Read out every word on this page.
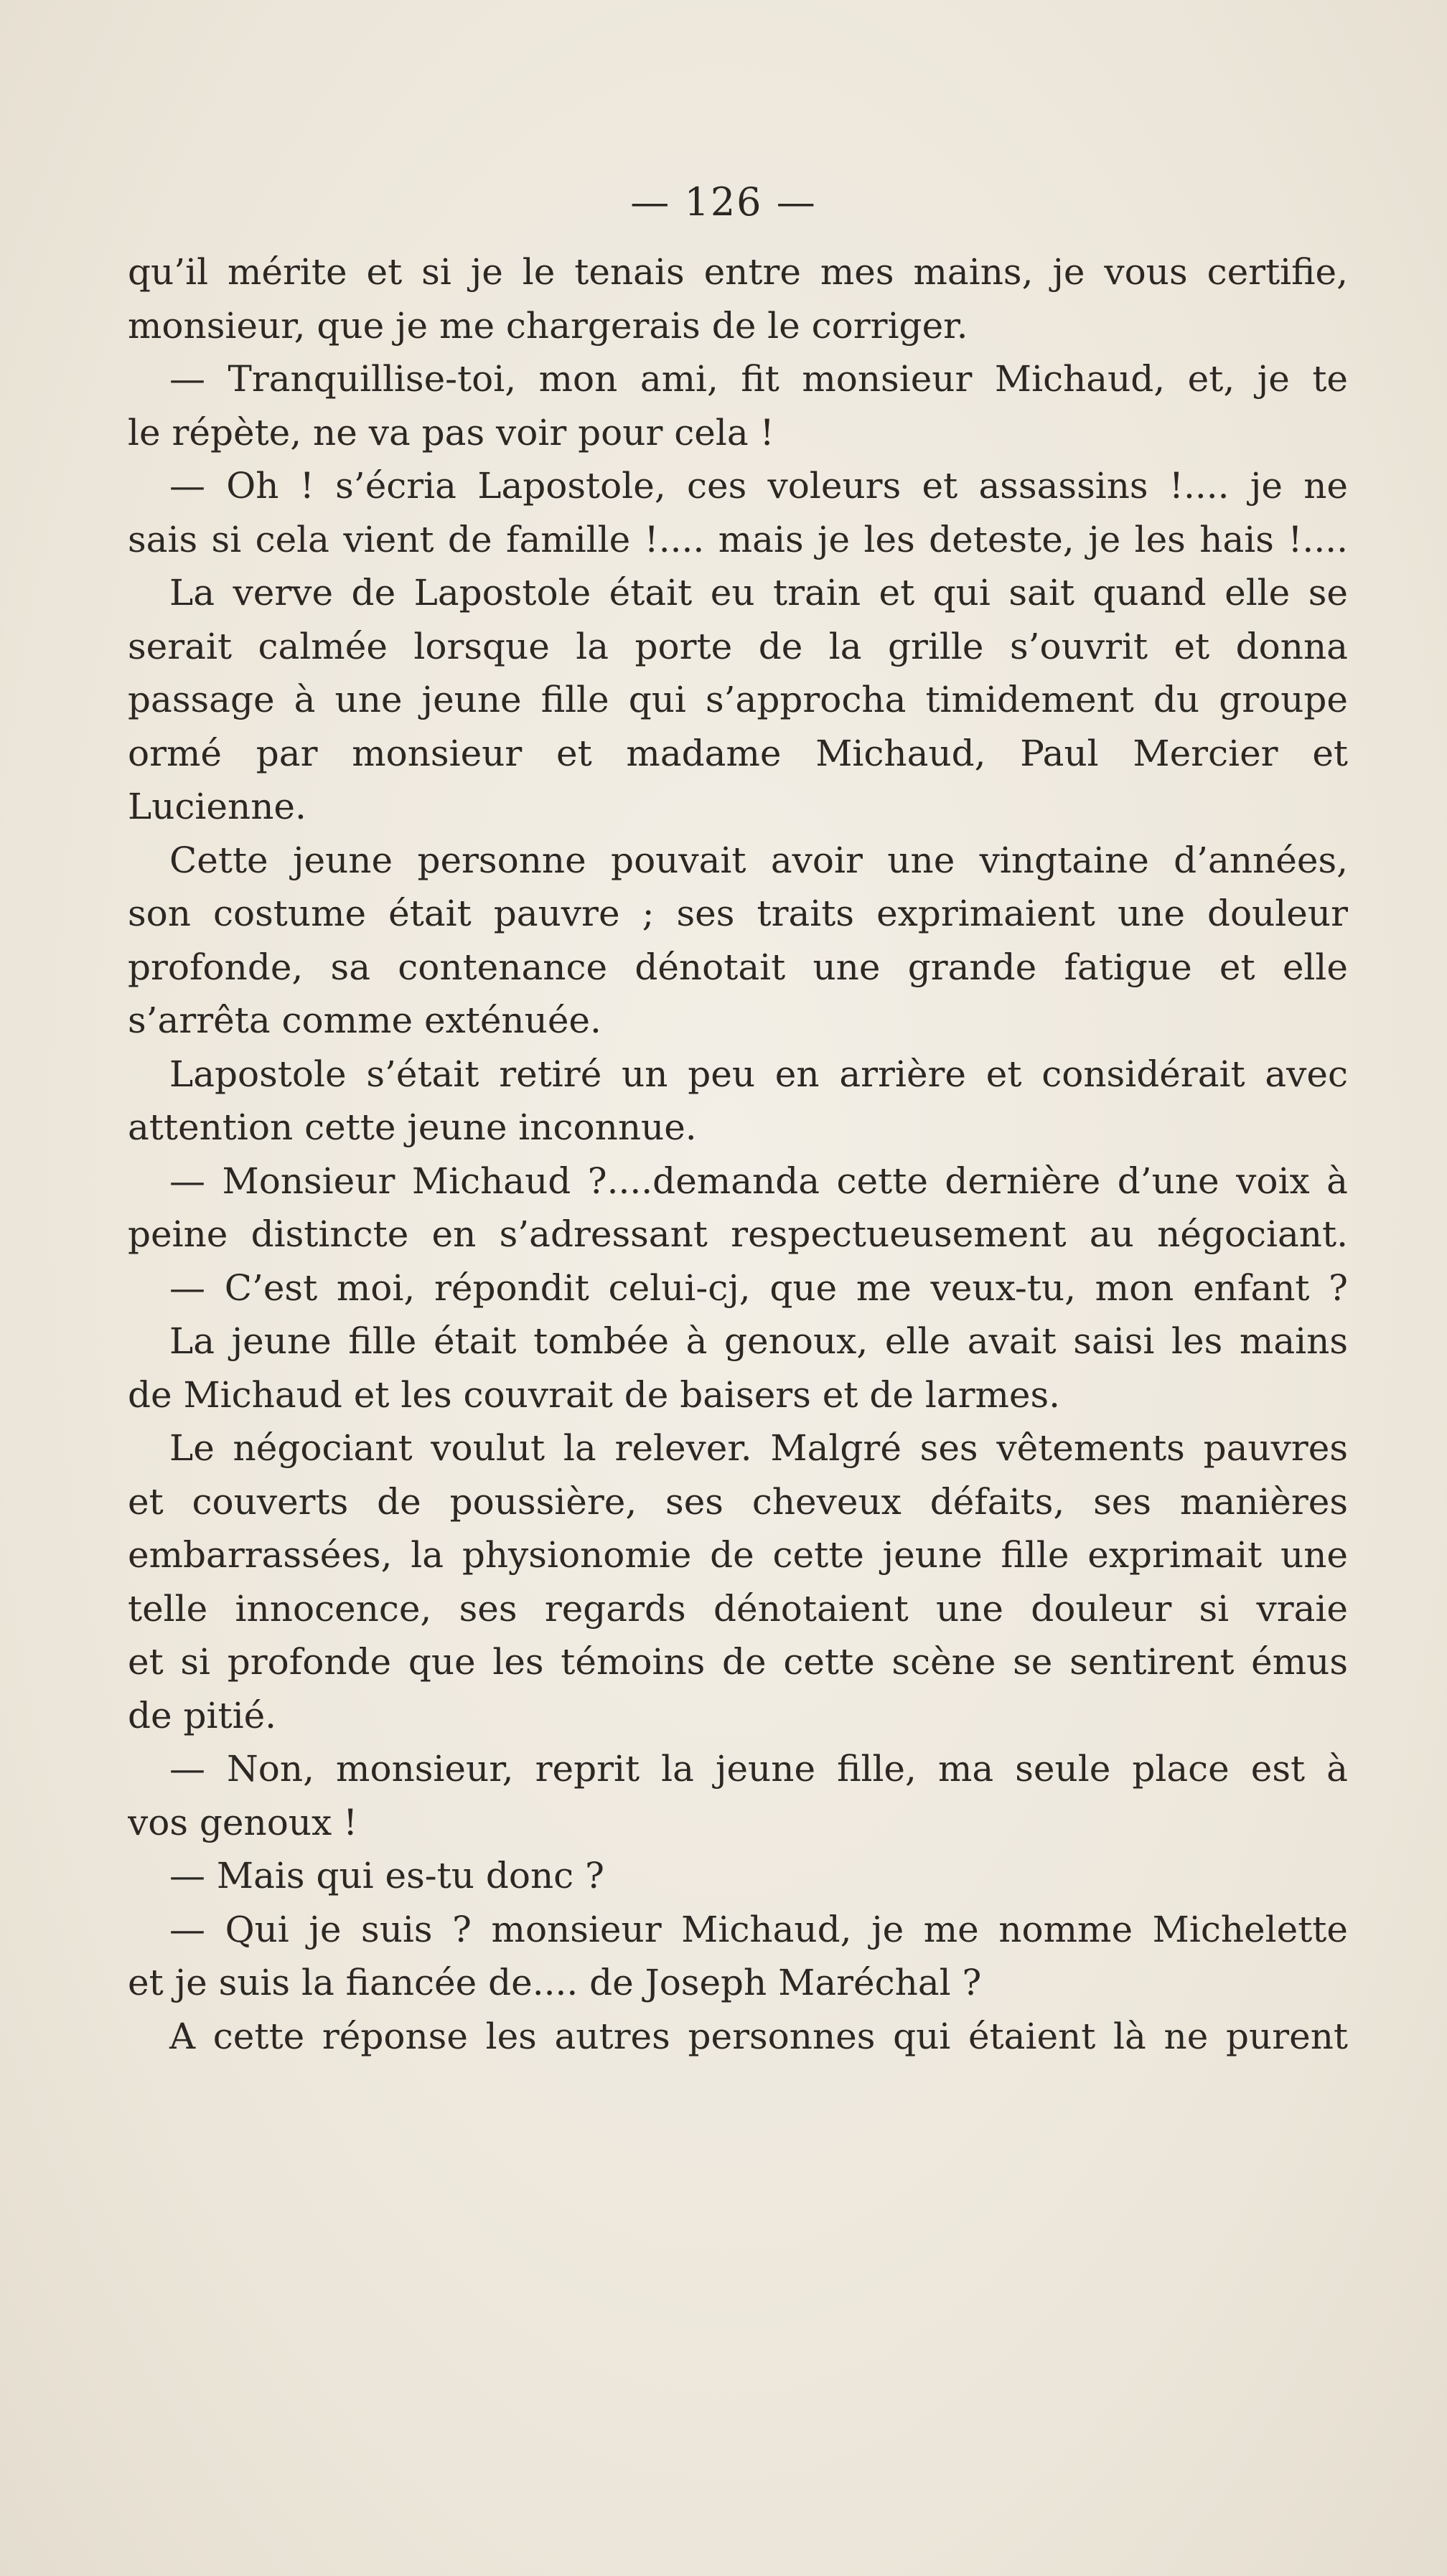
— 126 —
qu’il mérite et si je le tenais entre mes mains, je vous certifie,
monsieur, que je me chargerais de le corriger.
— Tranquillise-toi, mon ami, fit monsieur Michaud, et, je te
le répète, ne va pas voir pour cela !
— Oh ! s’écria Lapostole, ces voleurs et assassins !.... je ne
sais si cela vient de famille !.... mais je les deteste, je les hais !....
La verve de Lapostole était eu train et qui sait quand elle se
serait calmée lorsque la porte de la grille s’ouvrit et donna
passage à une jeune fille qui s’approcha timidement du groupe
ormé par monsieur et madame Michaud, Paul Mercier et
Lucienne.
Cette jeune personne pouvait avoir une vingtaine d’années,
son costume était pauvre ; ses traits exprimaient une douleur
profonde, sa contenance dénotait une grande fatigue et elle
s’arrêta comme exténuée.
Lapostole s’était retiré un peu en arrière et considérait avec
attention cette jeune inconnue.
— Monsieur Michaud ?....demanda cette dernière d’une voix à
peine distincte en s’adressant respectueusement au négociant.
— C’est moi, répondit celui-cj, que me veux-tu, mon enfant ?
La jeune fille était tombée à genoux, elle avait saisi les mains
de Michaud et les couvrait de baisers et de larmes.
Le négociant voulut la relever. Malgré ses vêtements pauvres
et couverts de poussière, ses cheveux défaits, ses manières
embarrassées, la physionomie de cette jeune fille exprimait une
telle innocence, ses regards dénotaient une douleur si vraie
et si profonde que les témoins de cette scène se sentirent émus
de pitié.
— Non, monsieur, reprit la jeune fille, ma seule place est à
vos genoux !
— Mais qui es-tu donc ?
— Qui je suis ? monsieur Michaud, je me nomme Michelette
et je suis la fiancée de.... de Joseph Maréchal ?
A cette réponse les autres personnes qui étaient là ne purent
